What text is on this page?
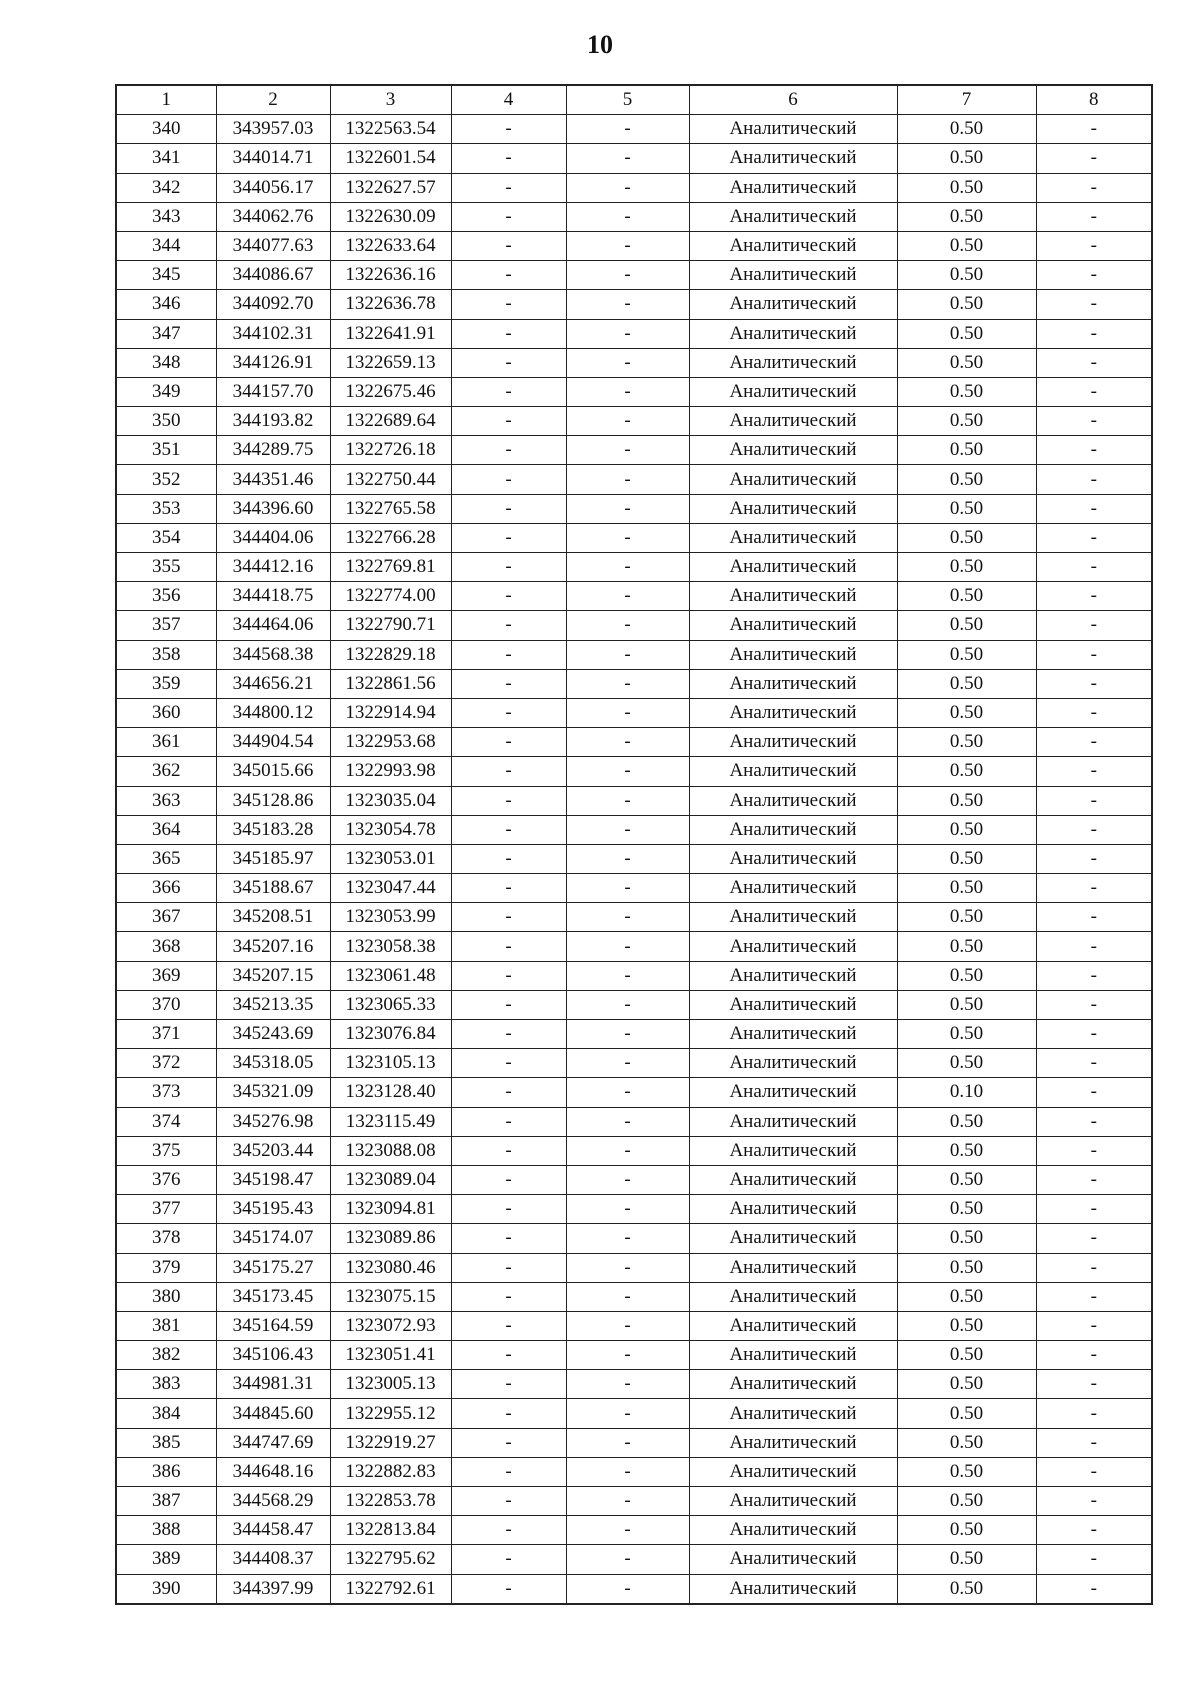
10
1	2	3	4	5	6	7	8
340	343957.03	1322563.54	-	-	Аналитический	0.50	-
341	344014.71	1322601.54	-	-	Аналитический	0.50	-
342	344056.17	1322627.57	-	-	Аналитический	0.50	-
343	344062.76	1322630.09	-	-	Аналитический	0.50	-
344	344077.63	1322633.64	-	-	Аналитический	0.50	-
345	344086.67	1322636.16	-	-	Аналитический	0.50	-
346	344092.70	1322636.78	-	-	Аналитический	0.50	-
347	344102.31	1322641.91	-	-	Аналитический	0.50	-
348	344126.91	1322659.13	-	-	Аналитический	0.50	-
349	344157.70	1322675.46	-	-	Аналитический	0.50	-
350	344193.82	1322689.64	-	-	Аналитический	0.50	-
351	344289.75	1322726.18	-	-	Аналитический	0.50	-
352	344351.46	1322750.44	-	-	Аналитический	0.50	-
353	344396.60	1322765.58	-	-	Аналитический	0.50	-
354	344404.06	1322766.28	-	-	Аналитический	0.50	-
355	344412.16	1322769.81	-	-	Аналитический	0.50	-
356	344418.75	1322774.00	-	-	Аналитический	0.50	-
357	344464.06	1322790.71	-	-	Аналитический	0.50	-
358	344568.38	1322829.18	-	-	Аналитический	0.50	-
359	344656.21	1322861.56	-	-	Аналитический	0.50	-
360	344800.12	1322914.94	-	-	Аналитический	0.50	-
361	344904.54	1322953.68	-	-	Аналитический	0.50	-
362	345015.66	1322993.98	-	-	Аналитический	0.50	-
363	345128.86	1323035.04	-	-	Аналитический	0.50	-
364	345183.28	1323054.78	-	-	Аналитический	0.50	-
365	345185.97	1323053.01	-	-	Аналитический	0.50	-
366	345188.67	1323047.44	-	-	Аналитический	0.50	-
367	345208.51	1323053.99	-	-	Аналитический	0.50	-
368	345207.16	1323058.38	-	-	Аналитический	0.50	-
369	345207.15	1323061.48	-	-	Аналитический	0.50	-
370	345213.35	1323065.33	-	-	Аналитический	0.50	-
371	345243.69	1323076.84	-	-	Аналитический	0.50	-
372	345318.05	1323105.13	-	-	Аналитический	0.50	-
373	345321.09	1323128.40	-	-	Аналитический	0.10	-
374	345276.98	1323115.49	-	-	Аналитический	0.50	-
375	345203.44	1323088.08	-	-	Аналитический	0.50	-
376	345198.47	1323089.04	-	-	Аналитический	0.50	-
377	345195.43	1323094.81	-	-	Аналитический	0.50	-
378	345174.07	1323089.86	-	-	Аналитический	0.50	-
379	345175.27	1323080.46	-	-	Аналитический	0.50	-
380	345173.45	1323075.15	-	-	Аналитический	0.50	-
381	345164.59	1323072.93	-	-	Аналитический	0.50	-
382	345106.43	1323051.41	-	-	Аналитический	0.50	-
383	344981.31	1323005.13	-	-	Аналитический	0.50	-
384	344845.60	1322955.12	-	-	Аналитический	0.50	-
385	344747.69	1322919.27	-	-	Аналитический	0.50	-
386	344648.16	1322882.83	-	-	Аналитический	0.50	-
387	344568.29	1322853.78	-	-	Аналитический	0.50	-
388	344458.47	1322813.84	-	-	Аналитический	0.50	-
389	344408.37	1322795.62	-	-	Аналитический	0.50	-
390	344397.99	1322792.61	-	-	Аналитический	0.50	-
